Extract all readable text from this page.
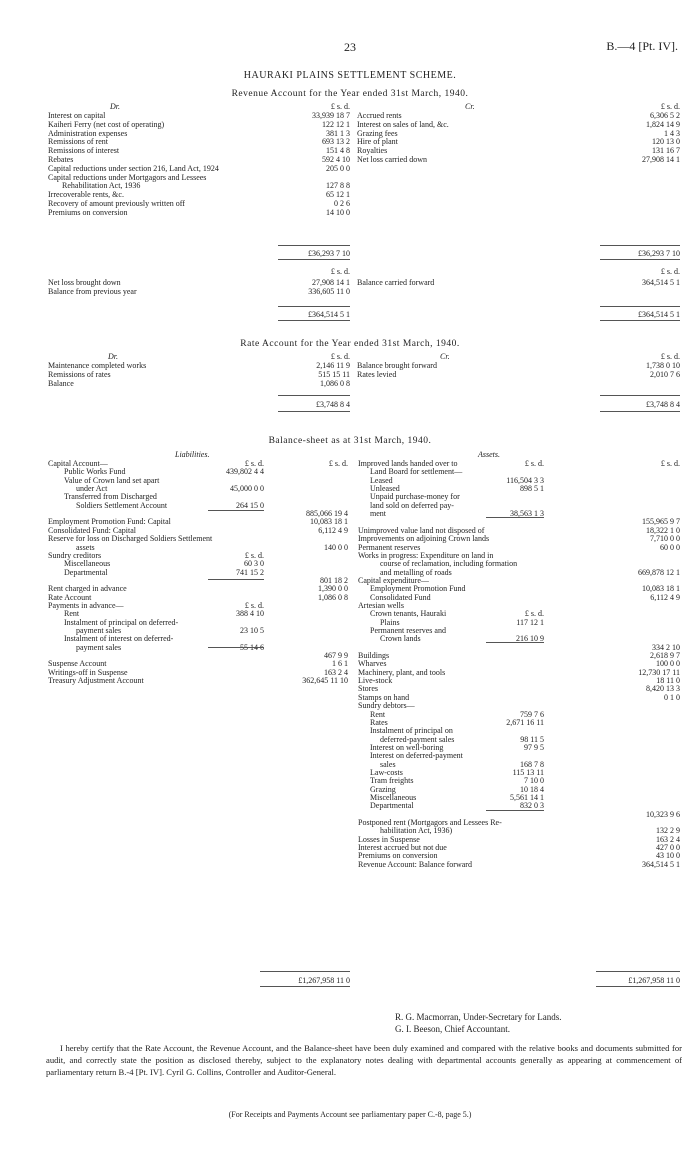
23	B.—4 [Pt. IV].
HAURAKI PLAINS SETTLEMENT SCHEME.
Revenue Account for the Year ended 31st March, 1940.
Dr.	Cr.
£ s. d.	£ s. d.
Interest on capital	33,939 18 7
Kaiheri Ferry (net cost of operating)	122 12 1
Administration expenses	381 1 3
Remissions of rent	693 13 2
Remissions of interest	151 4 8
Rebates	592 4 10
Capital reductions under section 216, Land Act, 1924	205 0 0
Capital reductions under Mortgagors and Lessees
Rehabilitation Act, 1936	127 8 8
Irrecoverable rents, &c.	65 12 1
Recovery of amount previously written off	0 2 6
Premiums on conversion	14 10 0
Accrued rents	6,306 5 2
Interest on sales of land, &c.	1,824 14 9
Grazing fees	1 4 3
Hire of plant	120 13 0
Royalties	131 16 7
Net loss carried down	27,908 14 1
£36,293 7 10	£36,293 7 10
£ s. d.	£ s. d.
Net loss brought down	27,908 14 1
Balance from previous year	336,605 11 0
Balance carried forward	364,514 5 1
£364,514 5 1	£364,514 5 1
Rate Account for the Year ended 31st March, 1940.
Dr.	Cr.
£ s. d.	£ s. d.
Maintenance completed works	2,146 11 9
Remissions of rates	515 15 11
Balance	1,086 0 8
Balance brought forward	1,738 0 10
Rates levied	2,010 7 6
£3,748 8 4	£3,748 8 4
Balance-sheet as at 31st March, 1940.
Liabilities.	Assets.
Capital Account—	£ s. d.	£ s. d.
Public Works Fund	439,802 4 4
Value of Crown land set apart
under Act	45,000 0 0
Transferred from Discharged
Soldiers Settlement Account	264 15 0
885,066 19 4
Employment Promotion Fund: Capital	10,083 18 1
Consolidated Fund: Capital	6,112 4 9
Reserve for loss on Discharged Soldiers Settlement
assets	140 0 0
Sundry creditors	£ s. d.
Miscellaneous	60 3 0
Departmental	741 15 2
801 18 2
Rent charged in advance	1,390 0 0
Rate Account	1,086 0 8
Payments in advance—	£ s. d.
Rent	388 4 10
Instalment of principal on deferred-
payment sales	23 10 5
Instalment of interest on deferred-
payment sales	55 14 6
467 9 9
Suspense Account	1 6 1
Writings-off in Suspense	163 2 4
Treasury Adjustment Account	362,645 11 10
£1,267,958 11 0
Improved lands handed over to	£ s. d.	£ s. d.
Land Board for settlement—
Leased	116,504 3 3
Unleased	898 5 1
Unpaid purchase-money for
land sold on deferred pay-
ment	38,563 1 3
155,965 9 7
Unimproved value land not disposed of	18,322 1 0
Improvements on adjoining Crown lands	7,710 0 0
Permanent reserves	60 0 0
Works in progress: Expenditure on land in
course of reclamation, including formation
and metalling of roads	669,878 12 1
Capital expenditure—
Employment Promotion Fund	10,083 18 1
Consolidated Fund	6,112 4 9
Artesian wells
Crown tenants, Hauraki	£ s. d.
Plains	117 12 1
Permanent reserves and
Crown lands	216 10 9
334 2 10
Buildings	2,618 9 7
Wharves	100 0 0
Machinery, plant, and tools	12,730 17 11
Live-stock	18 11 0
Stores	8,420 13 3
Stamps on hand	0 1 0
Sundry debtors—
Rent	759 7 6
Rates	2,671 16 11
Instalment of principal on
deferred-payment sales	98 11 5
Interest on well-boring	97 9 5
Interest on deferred-payment
sales	168 7 8
Law-costs	115 13 11
Tram freights	7 10 0
Grazing	10 18 4
Miscellaneous	5,561 14 1
Departmental	832 0 3
10,323 9 6
Postponed rent (Mortgagors and Lessees Re-
habilitation Act, 1936)	132 2 9
Losses in Suspense	163 2 4
Interest accrued but not due	427 0 0
Premiums on conversion	43 10 0
Revenue Account: Balance forward	364,514 5 1
£1,267,958 11 0
R. G. Macmorran, Under-Secretary for Lands.
G. I. Beeson, Chief Accountant.
I hereby certify that the Rate Account, the Revenue Account, and the Balance-sheet have been duly examined and compared with the relative books and documents submitted for audit, and correctly state the position as disclosed thereby, subject to the explanatory notes dealing with departmental accounts generally as appearing at commencement of parliamentary return B.-4 [Pt. IV]. Cyril G. Collins, Controller and Auditor-General.
(For Receipts and Payments Account see parliamentary paper C.-8, page 5.)
